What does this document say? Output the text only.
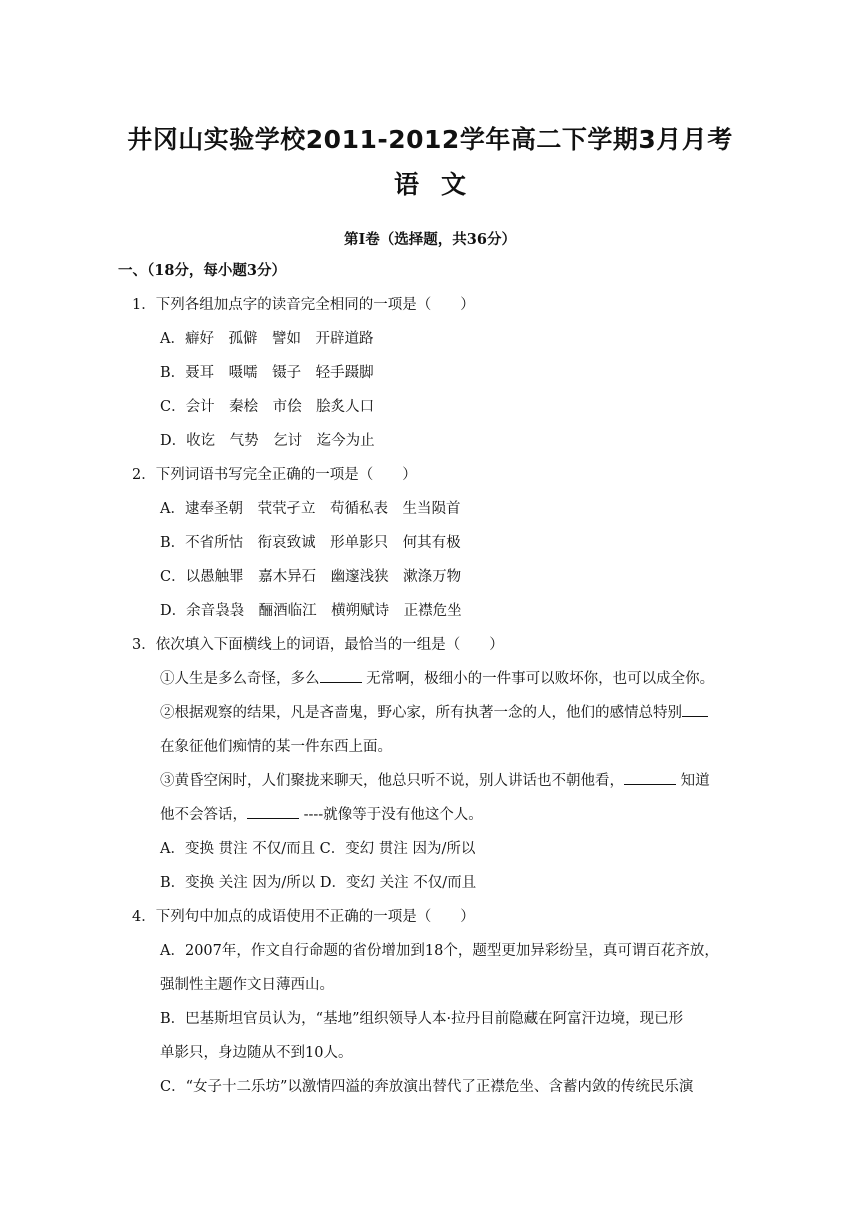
井冈山实验学校2011-2012学年高二下学期3月月考
语文

第Ⅰ卷（选择题，共36分）

一、（18分，每小题3分）

1．下列各组加点字的读音完全相同的一项是（　　）

A．癖好　孤僻　譬如　开辟道路

B．聂耳　嗫嚅　镊子　轻手蹑脚

C．会计　秦桧　市侩　脍炙人口

D．收讫　气势　乞讨　迄今为止

2．下列词语书写完全正确的一项是（　　）

A．逮奉圣朝　茕茕孑立　苟循私表　生当陨首

B．不省所怙　衔哀致诚　形单影只　何其有极

C．以愚触罪　嘉木异石　幽邃浅狭　漱涤万物

D．余音袅袅　酾酒临江　横朔赋诗　正襟危坐

3．依次填入下面横线上的词语，最恰当的一组是（　　）

①人生是多么奇怪，多么	无常啊，极细小的一件事可以败坏你，也可以成全你。

②根据观察的结果，凡是吝啬鬼，野心家，所有执著一念的人，他们的感情总特别

在象征他们痴情的某一件东西上面。

③黄昏空闲时，人们聚拢来聊天，他总只听不说，别人讲话也不朝他看，	知道

他不会答话，	----就像等于没有他这个人。

A．变换 贯注 不仅/而且 C．变幻 贯注 因为/所以

B．变换 关注 因为/所以 D．变幻 关注 不仅/而且

4．下列句中加点的成语使用不正确的一项是（　　）

A．2007年，作文自行命题的省份增加到18个，题型更加异彩纷呈，真可谓百花齐放，

强制性主题作文日薄西山。

B．巴基斯坦官员认为，“基地”组织领导人本·拉丹目前隐藏在阿富汗边境，现已形

单影只，身边随从不到10人。

C．“女子十二乐坊”以激情四溢的奔放演出替代了正襟危坐、含蓄内敛的传统民乐演
